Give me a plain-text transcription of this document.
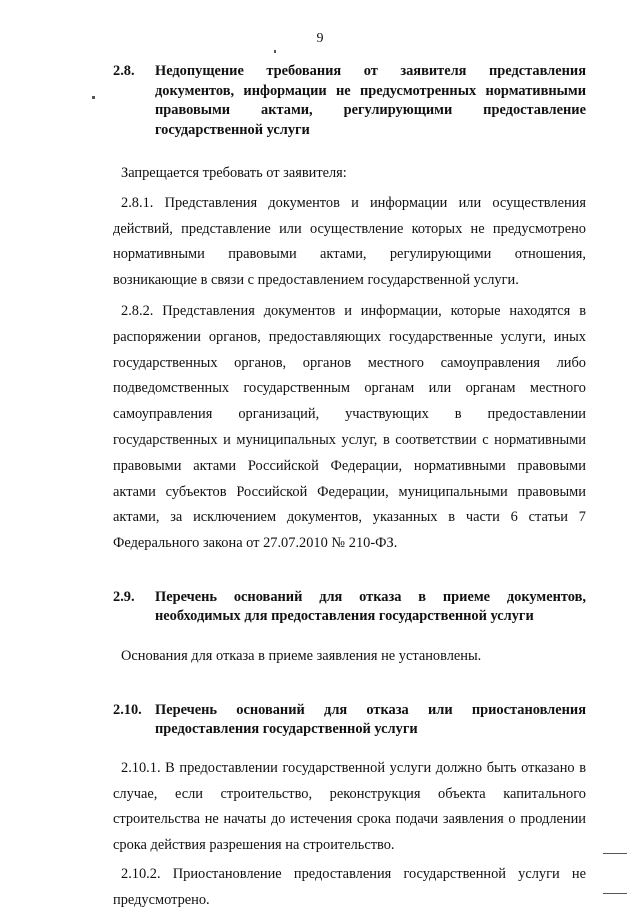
9
2.8. Недопущение требования от заявителя представления документов, информации не предусмотренных нормативными правовыми актами, регулирующими предоставление государственной услуги

Запрещается требовать от заявителя:

2.8.1. Представления документов и информации или осуществления действий, представление или осуществление которых не предусмотрено нормативными правовыми актами, регулирующими отношения, возникающие в связи с предоставлением государственной услуги.

2.8.2. Представления документов и информации, которые находятся в распоряжении органов, предоставляющих государственные услуги, иных государственных органов, органов местного самоуправления либо подведомственных государственным органам или органам местного самоуправления организаций, участвующих в предоставлении государственных и муниципальных услуг, в соответствии с нормативными правовыми актами Российской Федерации, нормативными правовыми актами субъектов Российской Федерации, муниципальными правовыми актами, за исключением документов, указанных в части 6 статьи 7 Федерального закона от 27.07.2010 № 210-ФЗ.

2.9. Перечень оснований для отказа в приеме документов, необходимых для предоставления государственной услуги

Основания для отказа в приеме заявления не установлены.

2.10. Перечень оснований для отказа или приостановления предоставления государственной услуги

2.10.1. В предоставлении государственной услуги должно быть отказано в случае, если строительство, реконструкция объекта капитального строительства не начаты до истечения срока подачи заявления о продлении срока действия разрешения на строительство.

2.10.2. Приостановление предоставления государственной услуги не предусмотрено.
